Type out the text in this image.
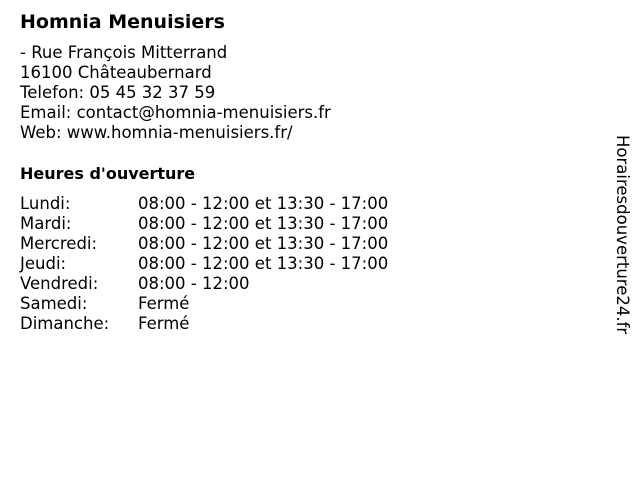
Homnia Menuisiers
- Rue François Mitterrand
16100 Châteaubernard
Telefon: 05 45 32 37 59
Email: contact@homnia-menuisiers.fr
Web: www.homnia-menuisiers.fr/
Heures d'ouverture
Lundi:	08:00 - 12:00 et 13:30 - 17:00
Mardi:	08:00 - 12:00 et 13:30 - 17:00
Mercredi:	08:00 - 12:00 et 13:30 - 17:00
Jeudi:	08:00 - 12:00 et 13:30 - 17:00
Vendredi:	08:00 - 12:00
Samedi:	Fermé
Dimanche:	Fermé	Horairesdouverture24.fr
